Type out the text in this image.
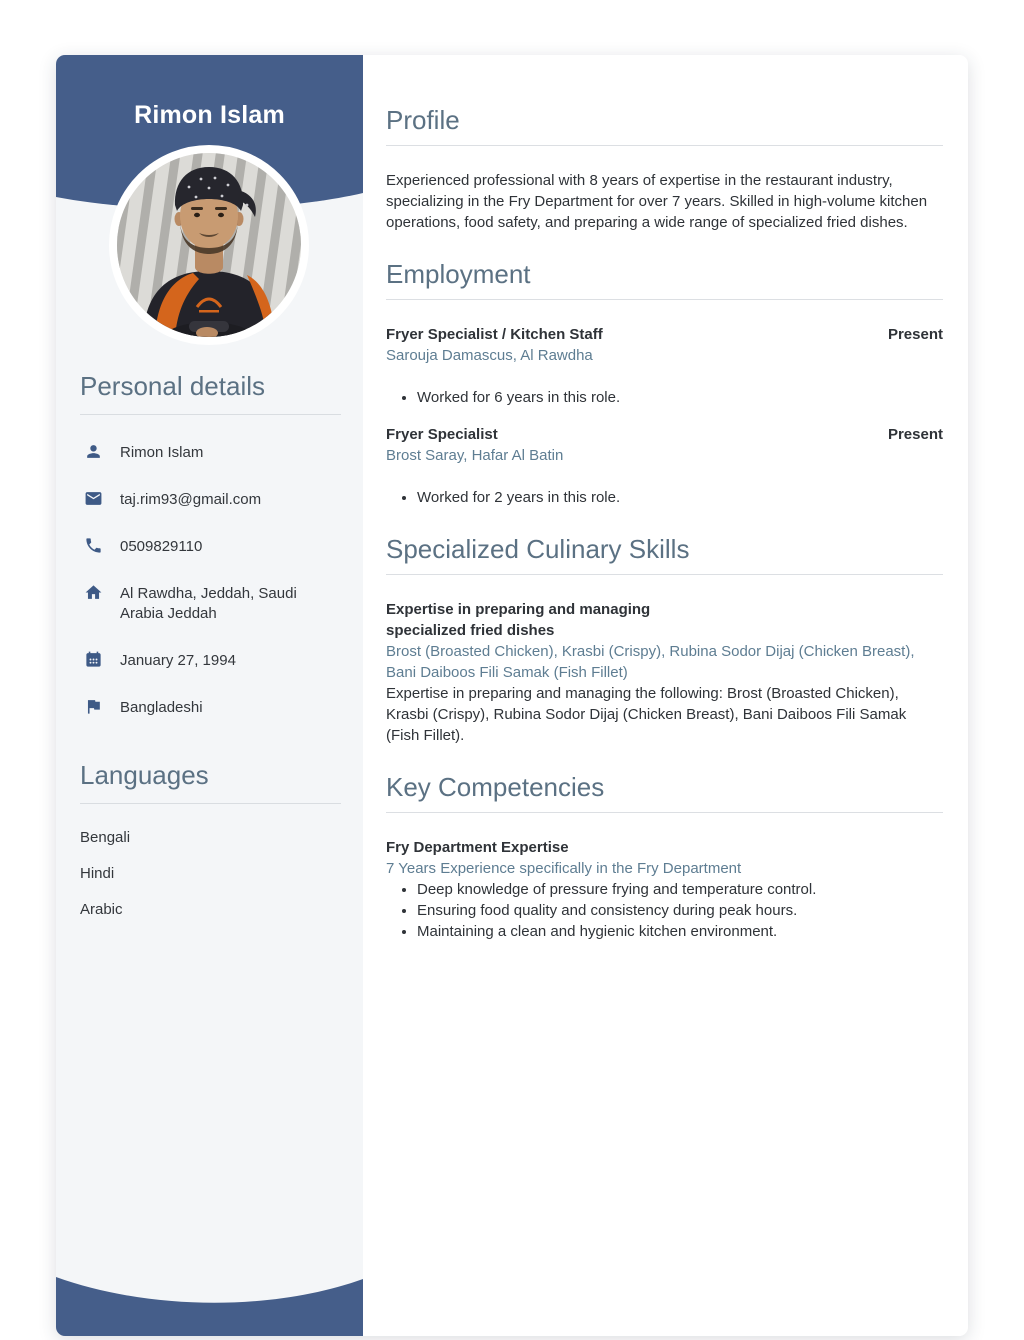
Rimon Islam
Personal details
Rimon Islam
taj.rim93@gmail.com
0509829110
Al Rawdha, Jeddah, Saudi Arabia Jeddah
January 27, 1994
Bangladeshi
Languages
Bengali
Hindi
Arabic
Profile

Experienced professional with 8 years of expertise in the restaurant industry, specializing in the Fry Department for over 7 years. Skilled in high-volume kitchen operations, food safety, and preparing a wide range of specialized fried dishes.

Employment
Fryer Specialist / Kitchen Staff	Present
Sarouja Damascus, Al Rawdha
• Worked for 6 years in this role.
Fryer Specialist	Present
Brost Saray, Hafar Al Batin
• Worked for 2 years in this role.
Specialized Culinary Skills
Expertise in preparing and managing
specialized fried dishes
Brost (Broasted Chicken), Krasbi (Crispy), Rubina Sodor Dijaj (Chicken Breast), Bani Daiboos Fili Samak (Fish Fillet)
Expertise in preparing and managing the following: Brost (Broasted Chicken), Krasbi (Crispy), Rubina Sodor Dijaj (Chicken Breast), Bani Daiboos Fili Samak (Fish Fillet).
Key Competencies
Fry Department Expertise
7 Years Experience specifically in the Fry Department
• Deep knowledge of pressure frying and temperature control.
• Ensuring food quality and consistency during peak hours.
• Maintaining a clean and hygienic kitchen environment.
